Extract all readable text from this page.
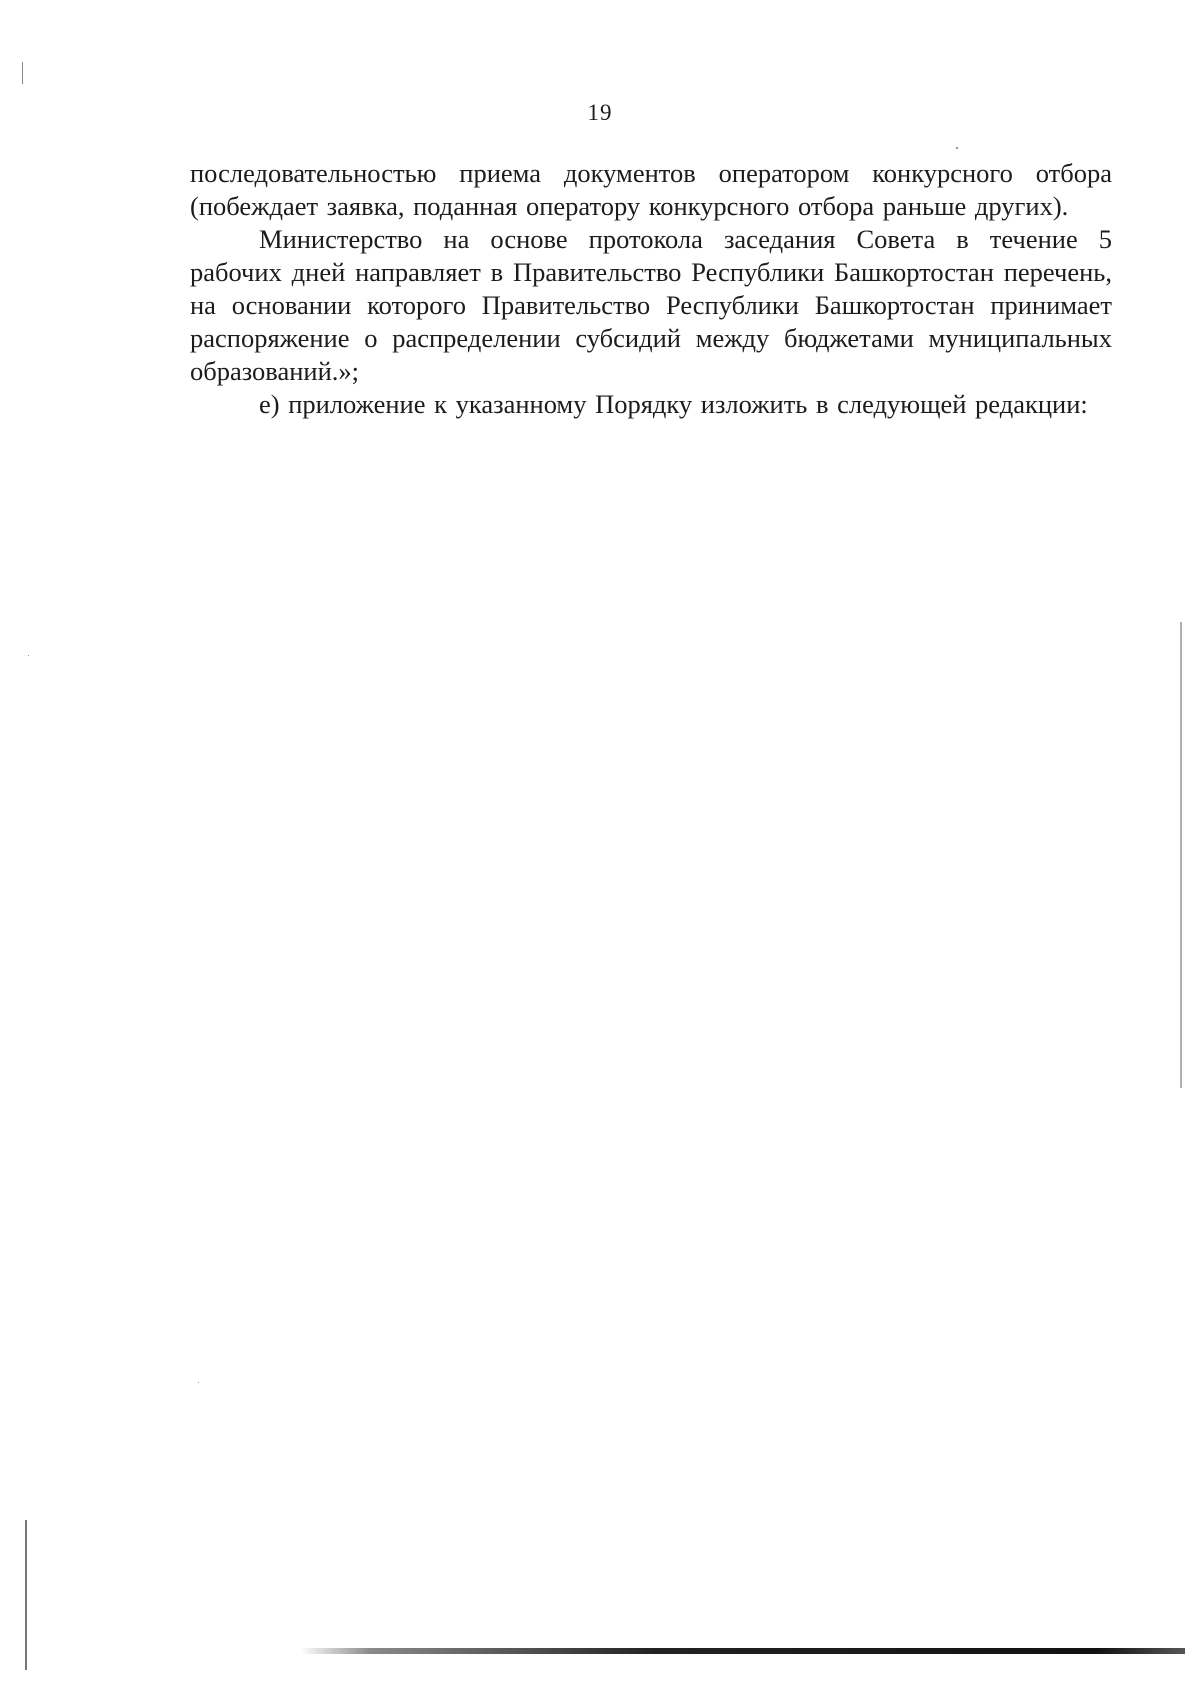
19

последовательностью приема документов оператором конкурсного отбора (побеждает заявка, поданная оператору конкурсного отбора раньше других).

Министерство на основе протокола заседания Совета в течение 5 рабочих дней направляет в Правительство Республики Башкортостан перечень, на основании которого Правительство Республики Башкортостан принимает распоряжение о распределении субсидий между бюджетами муниципальных образований.»;

е) приложение к указанному Порядку изложить в следующей редакции:
